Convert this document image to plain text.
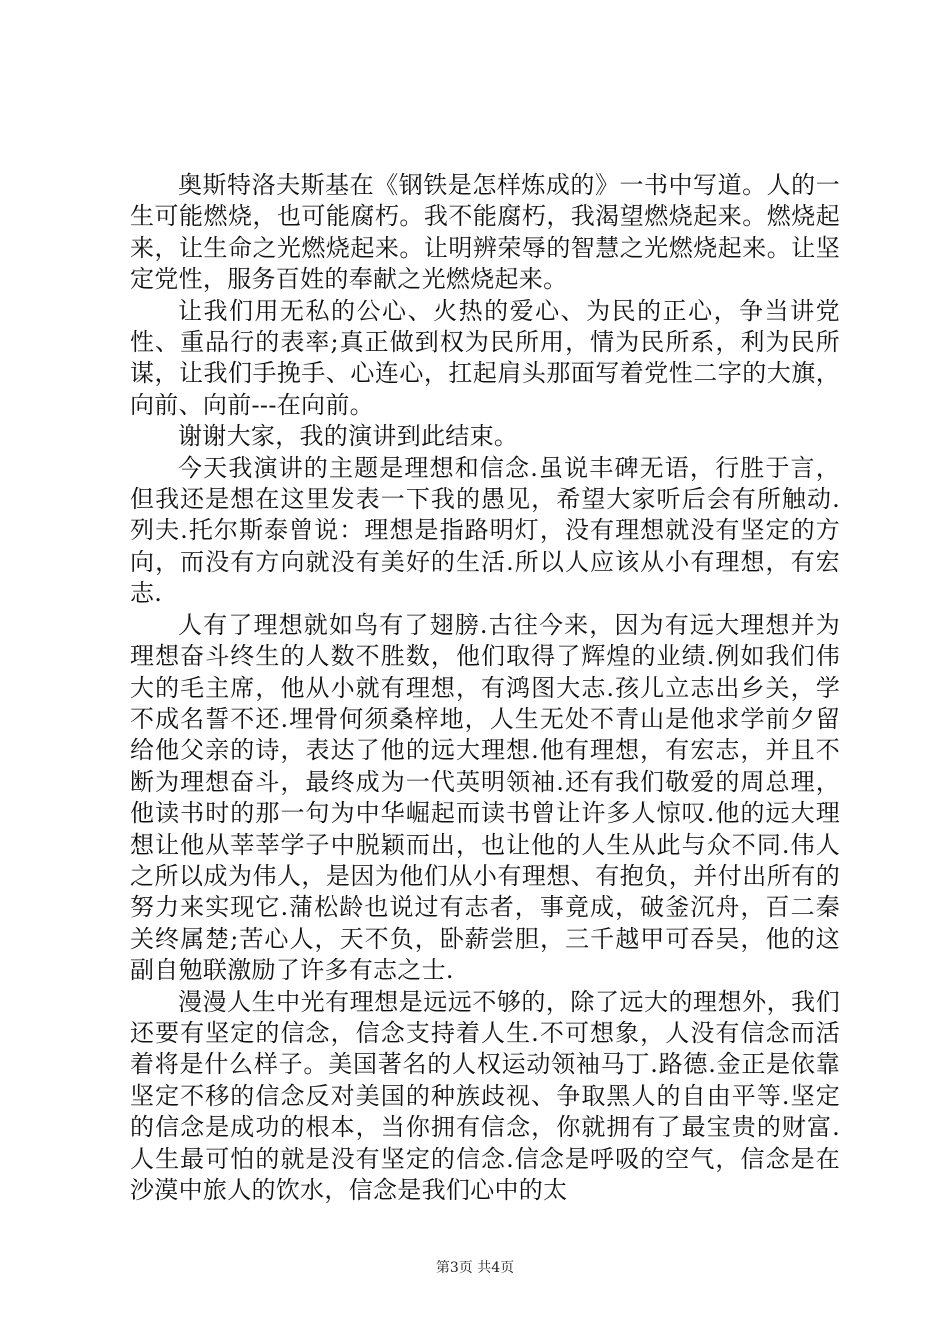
奥斯特洛夫斯基在《钢铁是怎样炼成的》一书中写道。人的一生可能燃烧，也可能腐朽。我不能腐朽，我渴望燃烧起来。燃烧起来，让生命之光燃烧起来。让明辨荣辱的智慧之光燃烧起来。让坚定党性，服务百姓的奉献之光燃烧起来。

让我们用无私的公心、火热的爱心、为民的正心，争当讲党性、重品行的表率;真正做到权为民所用，情为民所系，利为民所谋，让我们手挽手、心连心，扛起肩头那面写着党性二字的大旗，向前、向前---在向前。

谢谢大家，我的演讲到此结束。

今天我演讲的主题是理想和信念.虽说丰碑无语，行胜于言，但我还是想在这里发表一下我的愚见，希望大家听后会有所触动.列夫.托尔斯泰曾说：理想是指路明灯，没有理想就没有坚定的方向，而没有方向就没有美好的生活.所以人应该从小有理想，有宏志.

人有了理想就如鸟有了翅膀.古往今来，因为有远大理想并为理想奋斗终生的人数不胜数，他们取得了辉煌的业绩.例如我们伟大的毛主席，他从小就有理想，有鸿图大志.孩儿立志出乡关，学不成名誓不还.埋骨何须桑梓地，人生无处不青山是他求学前夕留给他父亲的诗，表达了他的远大理想.他有理想，有宏志，并且不断为理想奋斗，最终成为一代英明领袖.还有我们敬爱的周总理，他读书时的那一句为中华崛起而读书曾让许多人惊叹.他的远大理想让他从莘莘学子中脱颖而出，也让他的人生从此与众不同.伟人之所以成为伟人，是因为他们从小有理想、有抱负，并付出所有的努力来实现它.蒲松龄也说过有志者，事竟成，破釜沉舟，百二秦关终属楚;苦心人，天不负，卧薪尝胆，三千越甲可吞吴，他的这副自勉联激励了许多有志之士.

漫漫人生中光有理想是远远不够的，除了远大的理想外，我们还要有坚定的信念，信念支持着人生.不可想象，人没有信念而活着将是什么样子。美国著名的人权运动领袖马丁.路德.金正是依靠坚定不移的信念反对美国的种族歧视、争取黑人的自由平等.坚定的信念是成功的根本，当你拥有信念，你就拥有了最宝贵的财富.人生最可怕的就是没有坚定的信念.信念是呼吸的空气，信念是在沙漠中旅人的饮水，信念是我们心中的太

第3页 共4页
